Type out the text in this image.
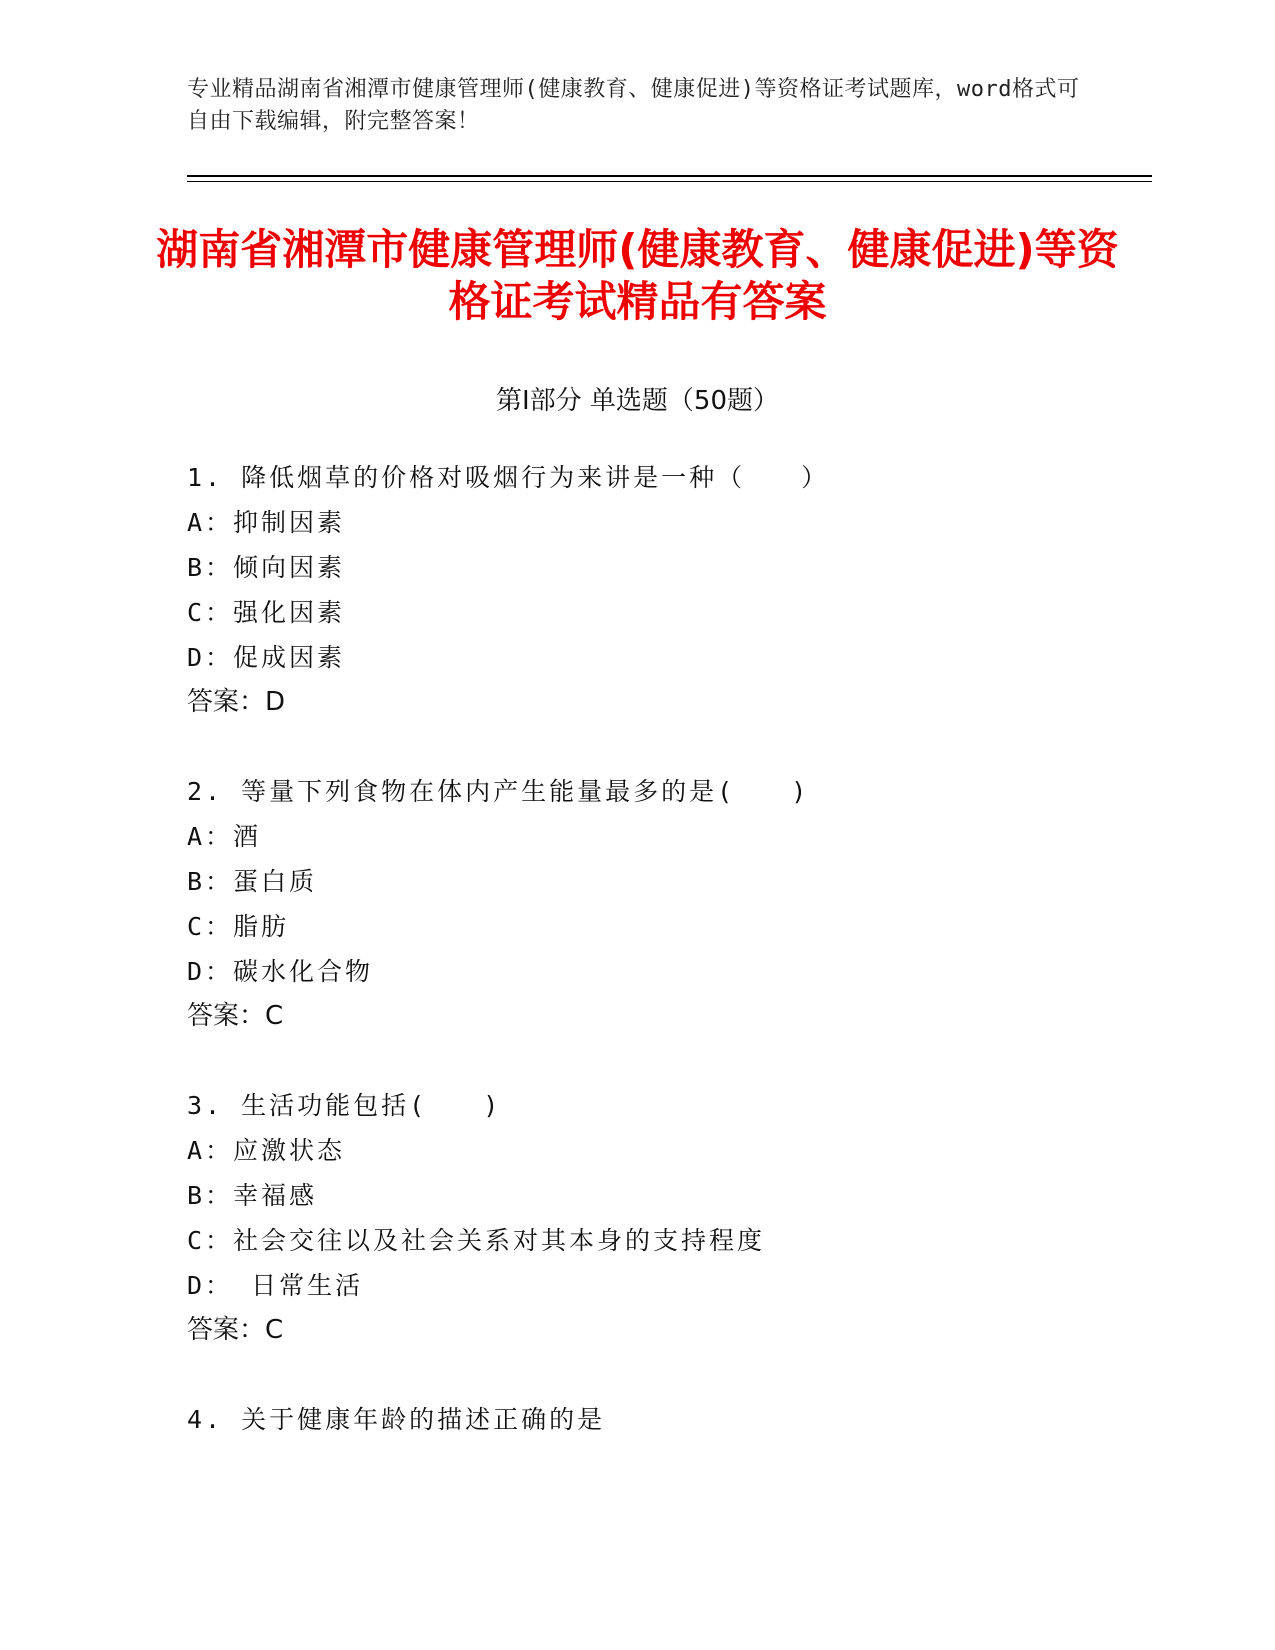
专业精品湖南省湘潭市健康管理师(健康教育、健康促进)等资格证考试题库，word格式可自由下载编辑，附完整答案！
湖南省湘潭市健康管理师(健康教育、健康促进)等资格证考试精品有答案
第Ⅰ部分 单选题（50题）
1. 降低烟草的价格对吸烟行为来讲是一种（　　）
A：抑制因素
B：倾向因素
C：强化因素
D：促成因素
答案：D
2. 等量下列食物在体内产生能量最多的是(　　)
A：酒
B：蛋白质
C：脂肪
D：碳水化合物
答案：C
3. 生活功能包括(　　)
A：应激状态
B：幸福感
C：社会交往以及社会关系对其本身的支持程度
D： 日常生活
答案：C
4. 关于健康年龄的描述正确的是
